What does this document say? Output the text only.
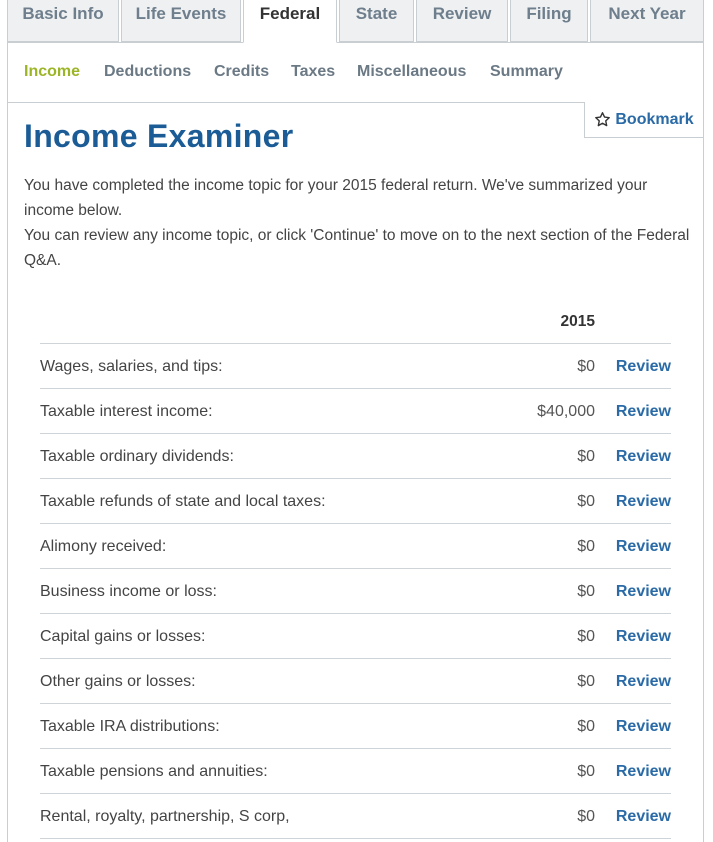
Basic Info	Life Events	Federal	State	Review	Filing	Next Year
Income Deductions Credits Taxes Miscellaneous Summary
Bookmark
Income Examiner

You have completed the income topic for your 2015 federal return. We've summarized your income below.

You can review any income topic, or click 'Continue' to move on to the next section of the Federal Q&A.

2015
Wages, salaries, and tips:	$0 Review
Taxable interest income:	$40,000 Review
Taxable ordinary dividends:	$0 Review
Taxable refunds of state and local taxes:	$0 Review
Alimony received:	$0 Review
Business income or loss:	$0 Review
Capital gains or losses:	$0 Review
Other gains or losses:	$0 Review
Taxable IRA distributions:	$0 Review
Taxable pensions and annuities:	$0 Review
Rental, royalty, partnership, S corp,	$0 Review
